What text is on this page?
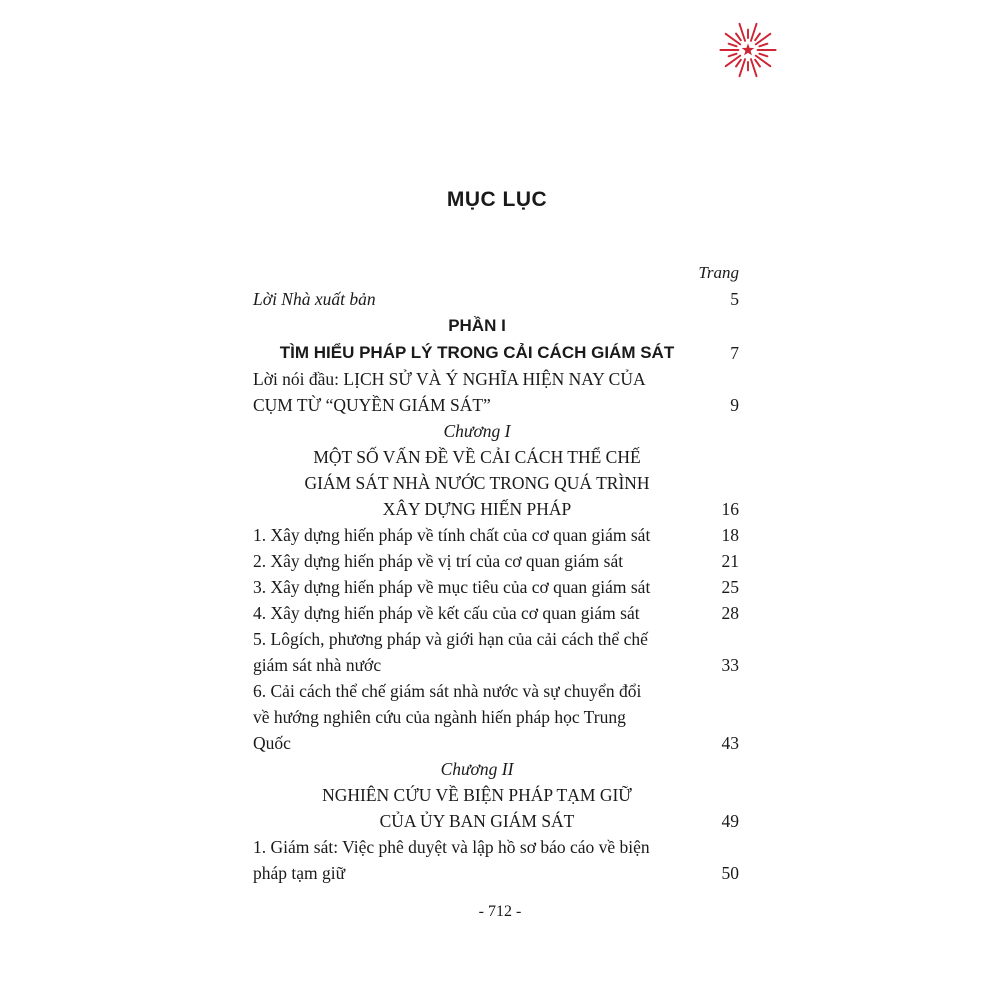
MỤC LỤC
Trang
Lời Nhà xuất bản	5
PHẦN I
TÌM HIỂU PHÁP LÝ TRONG CẢI CÁCH GIÁM SÁT	7
Lời nói đầu: LỊCH SỬ VÀ Ý NGHĨA HIỆN NAY CỦA
CỤM TỪ “QUYỀN GIÁM SÁT”	9
Chương I
MỘT SỐ VẤN ĐỀ VỀ CẢI CÁCH THỂ CHẾ
GIÁM SÁT NHÀ NƯỚC TRONG QUÁ TRÌNH
XÂY DỰNG HIẾN PHÁP	16
1. Xây dựng hiến pháp về tính chất của cơ quan giám sát	18
2. Xây dựng hiến pháp về vị trí của cơ quan giám sát	21
3. Xây dựng hiến pháp về mục tiêu của cơ quan giám sát	25
4. Xây dựng hiến pháp về kết cấu của cơ quan giám sát	28
5. Lôgích, phương pháp và giới hạn của cải cách thể chế
giám sát nhà nước	33
6. Cải cách thể chế giám sát nhà nước và sự chuyển đổi
về hướng nghiên cứu của ngành hiến pháp học Trung
Quốc	43
Chương II
NGHIÊN CỨU VỀ BIỆN PHÁP TẠM GIỮ
CỦA ỦY BAN GIÁM SÁT	49
1. Giám sát: Việc phê duyệt và lập hồ sơ báo cáo về biện
pháp tạm giữ	50
- 712 -
